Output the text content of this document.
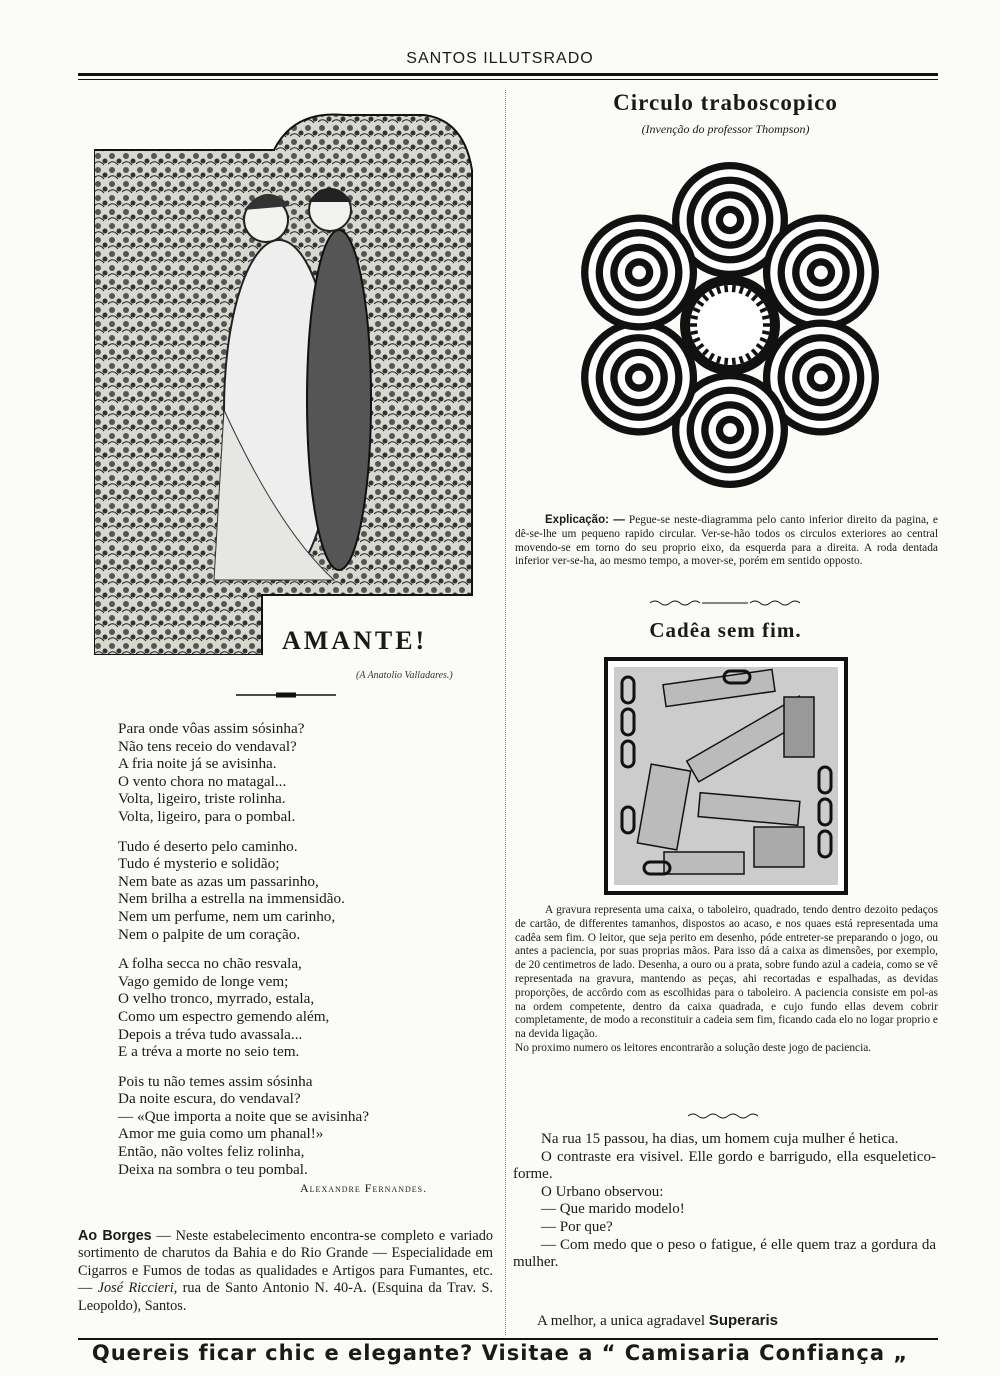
SANTOS ILLUTSRADO
AMANTE!
(A Anatolio Valladares.)
Para onde vôas assim sósinha?
Não tens receio do vendaval?
A fria noite já se avisinha.
O vento chora no matagal...
Volta, ligeiro, triste rolinha.
Volta, ligeiro, para o pombal.
Tudo é deserto pelo caminho.
Tudo é mysterio e solidão;
Nem bate as azas um passarinho,
Nem brilha a estrella na immensidão.
Nem um perfume, nem um carinho,
Nem o palpite de um coração.
A folha secca no chão resvala,
Vago gemido de longe vem;
O velho tronco, myrrado, estala,
Como um espectro gemendo além,
Depois a tréva tudo avassala...
E a tréva a morte no seio tem.
Pois tu não temes assim sósinha
Da noite escura, do vendaval?
— «Que importa a noite que se avisinha?
Amor me guia como um phanal!»
Então, não voltes feliz rolinha,
Deixa na sombra o teu pombal.
Alexandre Fernandes.
Ao Borges — Neste estabelecimento encontra-se completo e variado sortimento de charutos da Bahia e do Rio Grande — Especialidade em Cigarros e Fumos de todas as qualidades e Artigos para Fumantes, etc. — José Riccieri, rua de Santo Antonio N. 40-A. (Esquina da Trav. S. Leopoldo), Santos.
Circulo traboscopico
(Invenção do professor Thompson)
Explicação: — Pegue-se neste-diagramma pelo canto inferior direito da pagina, e dê-se-lhe um pequeno rapido circular. Ver-se-hão todos os circulos exteriores ao central movendo-se em torno do seu proprio eixo, da esquerda para a direita. A roda dentada inferior ver-se-ha, ao mesmo tempo, a mover-se, porém em sentido opposto.
Cadêa sem fim.
A gravura representa uma caixa, o taboleiro, quadrado, tendo dentro dezoito pedaços de cartão, de differentes tamanhos, dispostos ao acaso, e nos quaes está representada uma cadêa sem fim. O leitor, que seja perito em desenho, póde entreter-se preparando o jogo, ou antes a paciencia, por suas proprias mãos. Para isso dá a caixa as dimensões, por exemplo, de 20 centimetros de lado. Desenha, a ouro ou a prata, sobre fundo azul a cadeia, como se vê representada na gravura, mantendo as peças, ahi recortadas e espalhadas, as devidas proporções, de accôrdo com as escolhidas para o taboleiro. A paciencia consiste em pol-as na ordem competente, dentro da caixa quadrada, e cujo fundo ellas devem cobrir completamente, de modo a reconstituir a cadeia sem fim, ficando cada elo no logar proprio e na devida ligação.
No proximo numero os leitores encontrarão a solução deste jogo de paciencia.

Na rua 15 passou, ha dias, um homem cuja mulher é hetica.

O contraste era visivel. Elle gordo e barrigudo, ella esqueletico-forme.

O Urbano observou:

— Que marido modelo!

— Por que?

— Com medo que o peso o fatigue, é elle quem traz a gordura da mulher.

A melhor, a unica agradavel Superaris
Quereis ficar chic e elegante? Visitae a “ Camisaria Confiança „
